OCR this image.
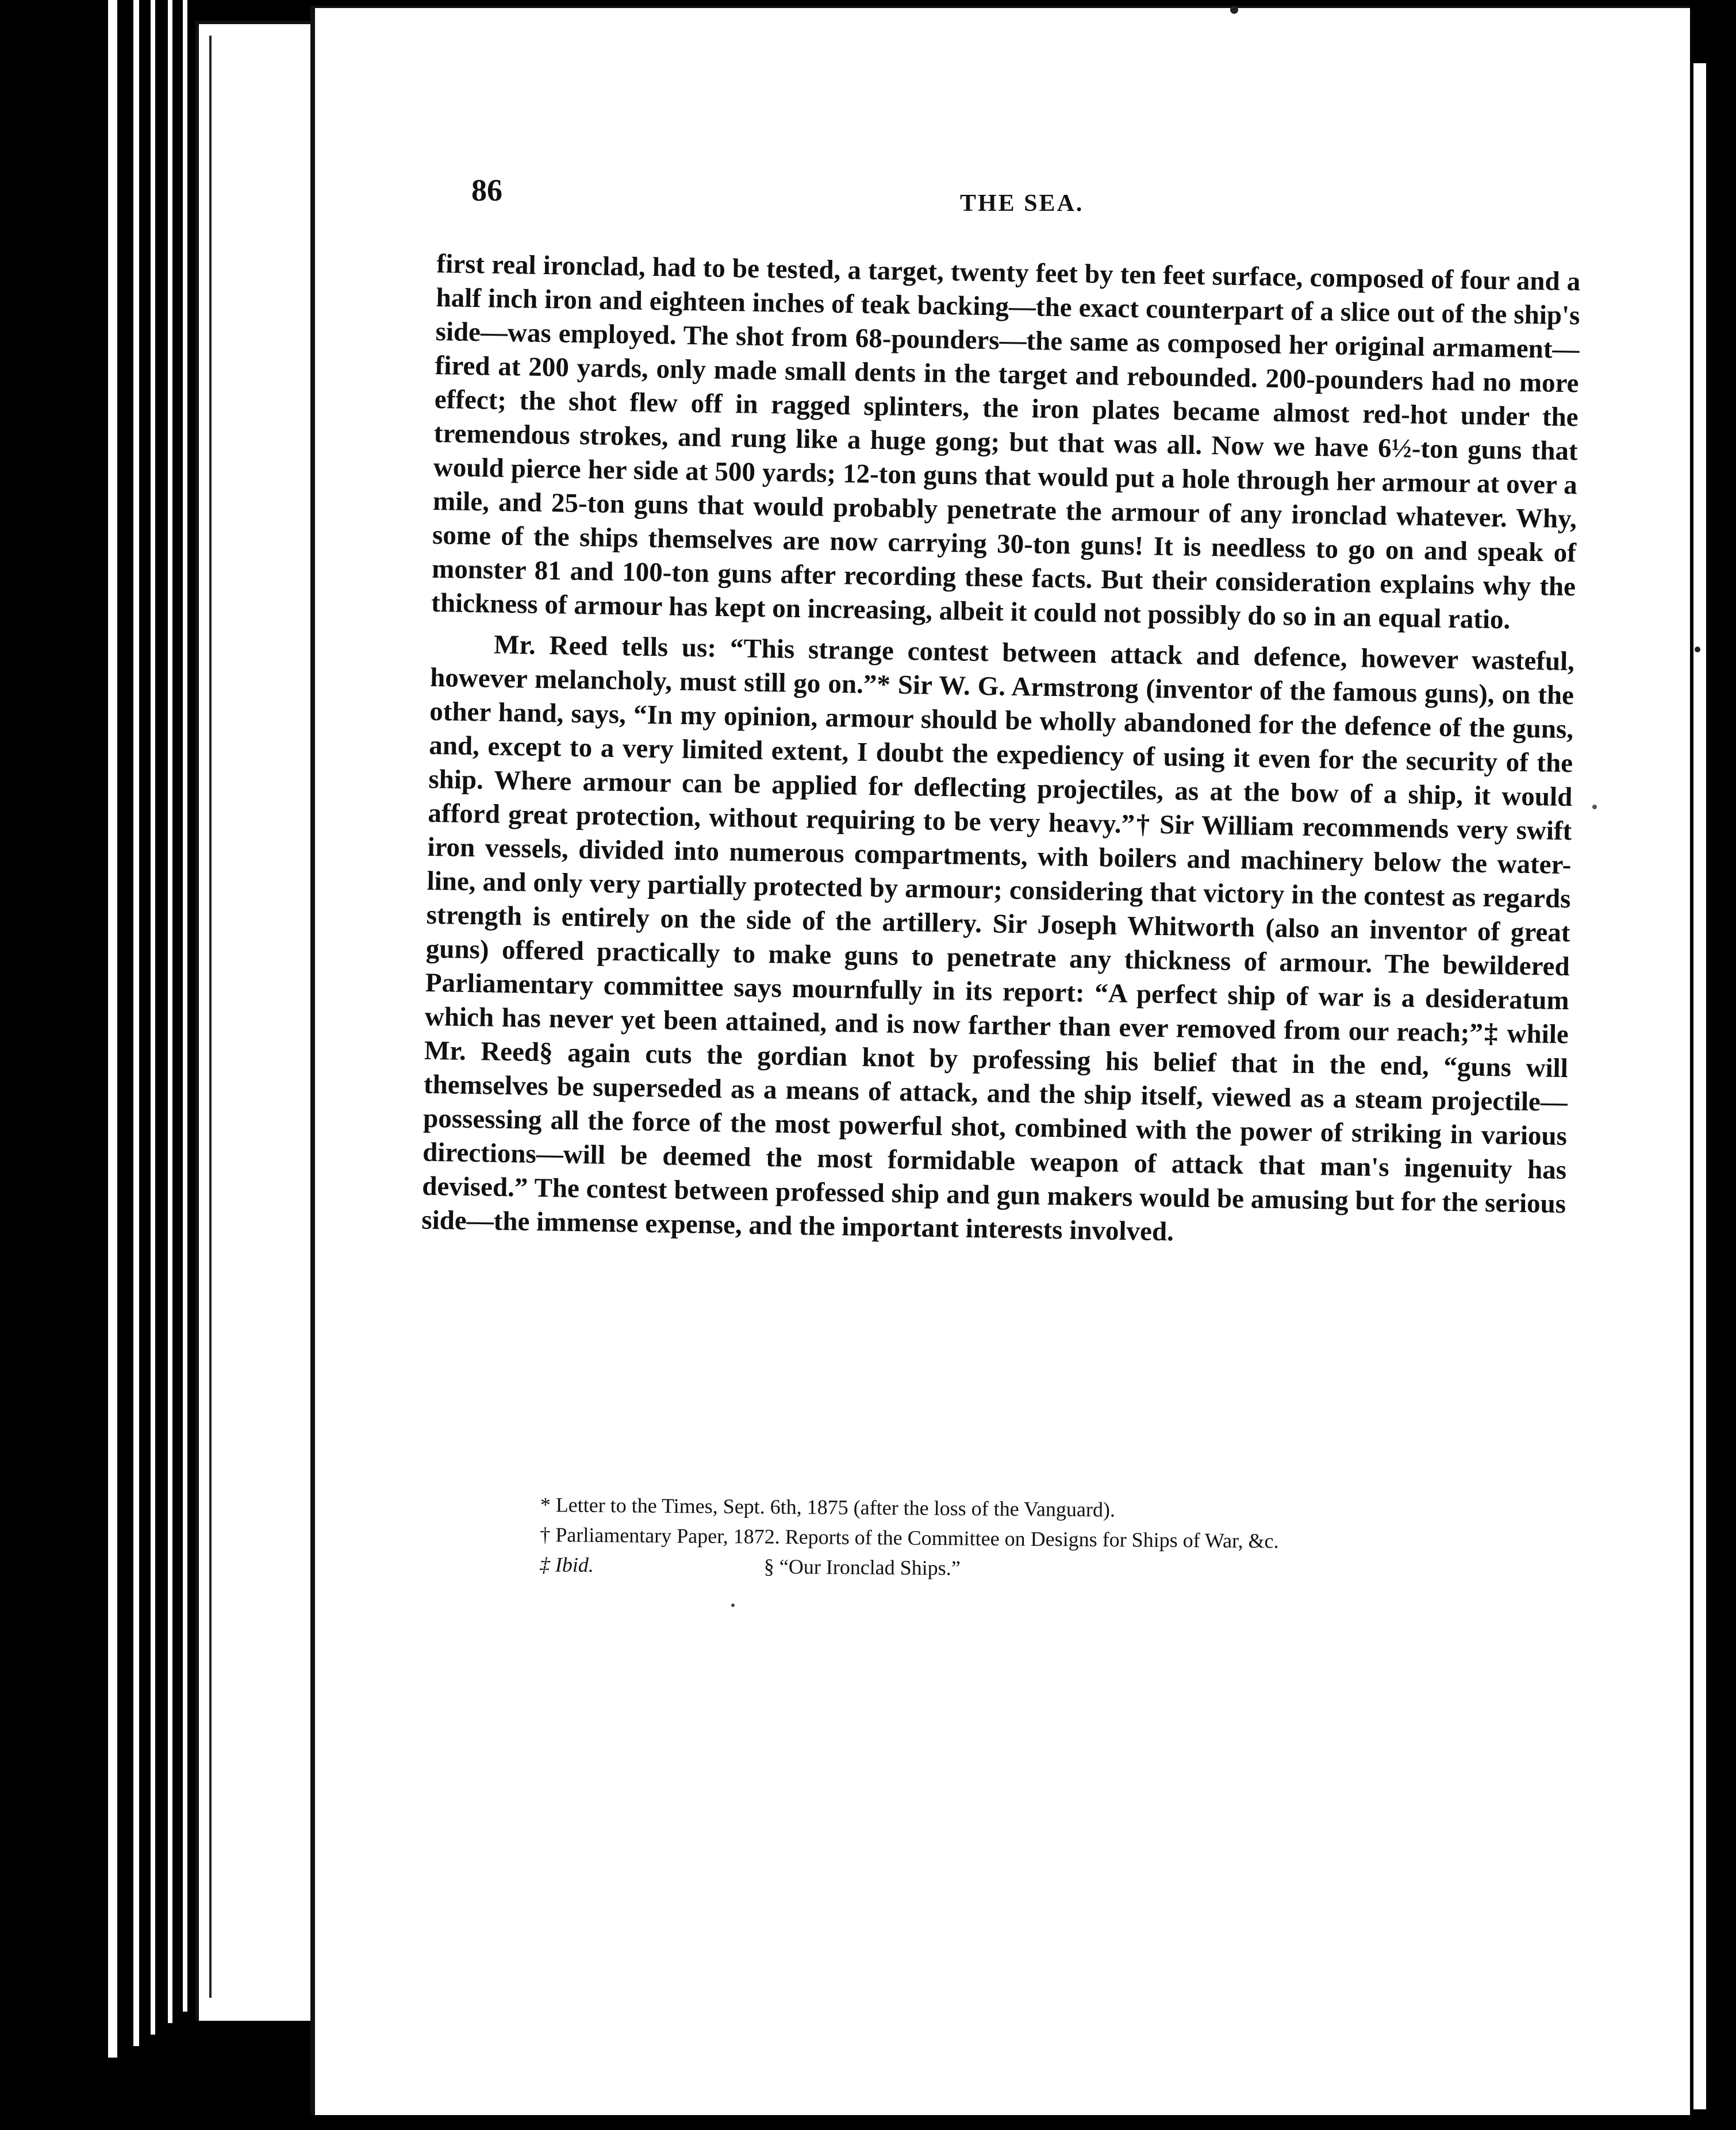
86	THE SEA.

first real ironclad, had to be tested, a target, twenty feet by ten feet surface, composed of four and a half inch iron and eighteen inches of teak backing—the exact counterpart of a slice out of the ship's side—was employed. The shot from 68-pounders—the same as composed her original armament—fired at 200 yards, only made small dents in the target and rebounded. 200-pounders had no more effect; the shot flew off in ragged splinters, the iron plates became almost red-hot under the tremendous strokes, and rung like a huge gong; but that was all. Now we have 6½-ton guns that would pierce her side at 500 yards; 12-ton guns that would put a hole through her armour at over a mile, and 25-ton guns that would probably penetrate the armour of any ironclad whatever. Why, some of the ships themselves are now carrying 30-ton guns! It is needless to go on and speak of monster 81 and 100-ton guns after recording these facts. But their consideration explains why the thickness of armour has kept on increasing, albeit it could not possibly do so in an equal ratio.

Mr. Reed tells us: “This strange contest between attack and defence, however wasteful, however melancholy, must still go on.”* Sir W. G. Armstrong (inventor of the famous guns), on the other hand, says, “In my opinion, armour should be wholly abandoned for the defence of the guns, and, except to a very limited extent, I doubt the expediency of using it even for the security of the ship. Where armour can be applied for deflecting projectiles, as at the bow of a ship, it would afford great protection, without requiring to be very heavy.”† Sir William recommends very swift iron vessels, divided into numerous compartments, with boilers and machinery below the water-line, and only very partially protected by armour; considering that victory in the contest as regards strength is entirely on the side of the artillery. Sir Joseph Whitworth (also an inventor of great guns) offered practically to make guns to penetrate any thickness of armour. The bewildered Parliamentary committee says mournfully in its report: “A perfect ship of war is a desideratum which has never yet been attained, and is now farther than ever removed from our reach;”‡ while Mr. Reed§ again cuts the gordian knot by professing his belief that in the end, “guns will themselves be superseded as a means of attack, and the ship itself, viewed as a steam projectile—possessing all the force of the most powerful shot, combined with the power of striking in various directions—will be deemed the most formidable weapon of attack that man's ingenuity has devised.” The contest between professed ship and gun makers would be amusing but for the serious side—the immense expense, and the important interests involved.

* Letter to the Times, Sept. 6th, 1875 (after the loss of the Vanguard).
† Parliamentary Paper, 1872. Reports of the Committee on Designs for Ships of War, &c.
‡ Ibid.	§ “Our Ironclad Ships.”
